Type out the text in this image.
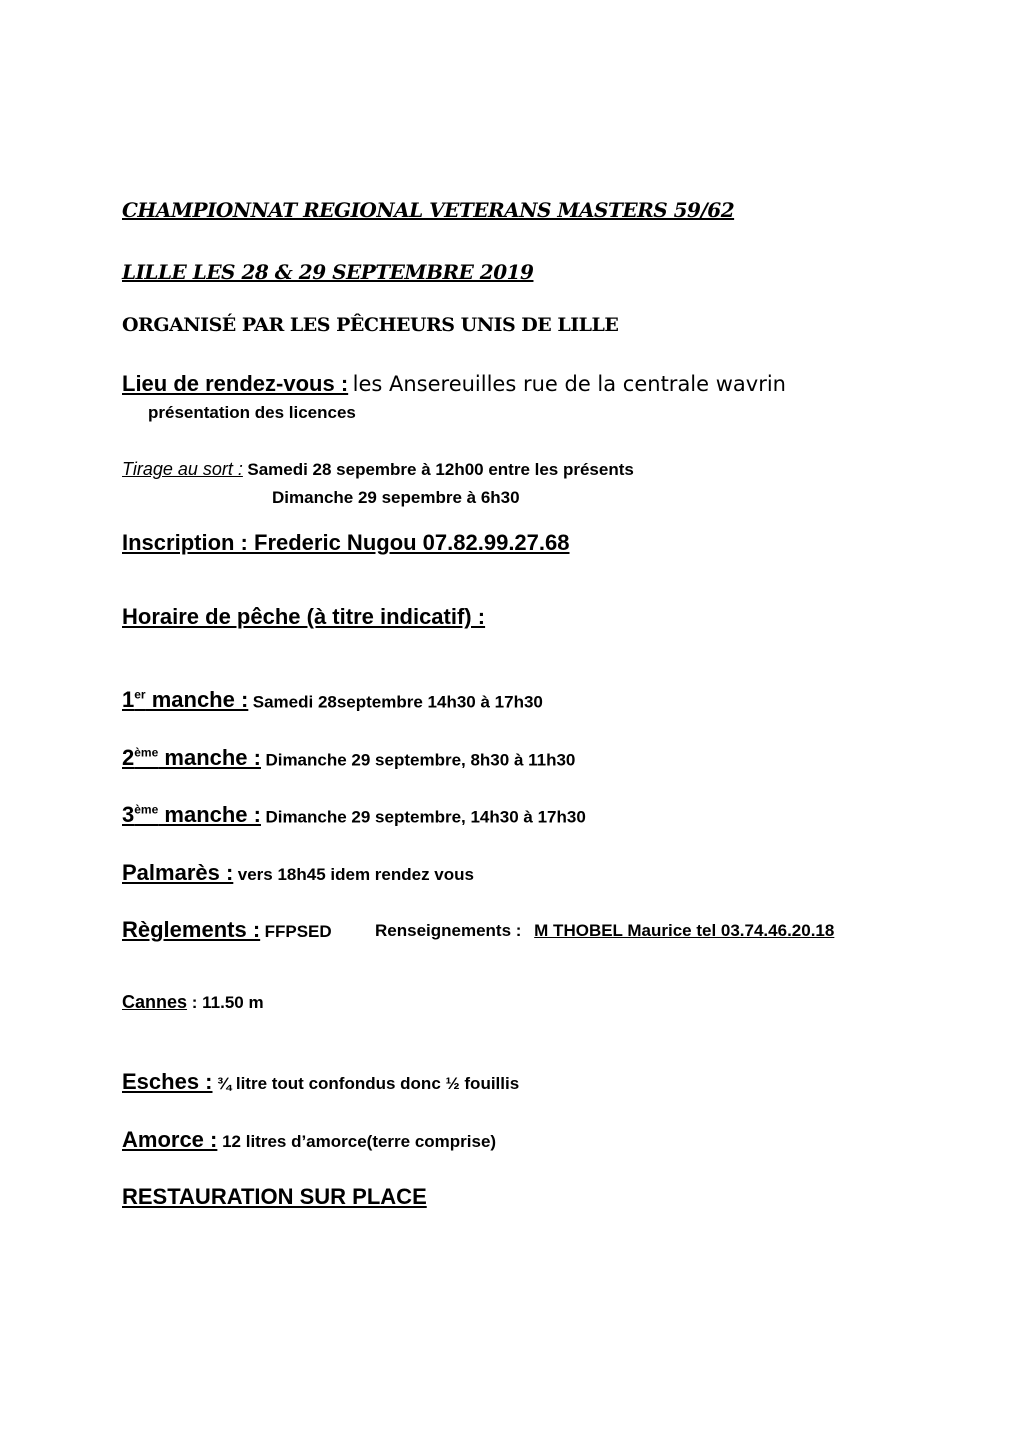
CHAMPIONNAT REGIONAL VETERANS MASTERS 59/62
LILLE LES 28 & 29 SEPTEMBRE 2019
ORGANISÉ PAR LES PÊCHEURS UNIS DE LILLE
Lieu de rendez-vous : les Ansereuilles rue de la centrale wavrin
présentation des licences
Tirage au sort : Samedi 28 sepembre à 12h00 entre les présents
Dimanche 29 sepembre à 6h30
Inscription : Frederic Nugou 07.82.99.27.68
Horaire de pêche (à titre indicatif) :
1er manche : Samedi 28septembre 14h30 à 17h30
2ème manche : Dimanche 29 septembre, 8h30 à 11h30
3ème manche : Dimanche 29 septembre, 14h30 à 17h30
Palmarès : vers 18h45 idem rendez vous
Règlements : FFPSED	Renseignements : M THOBEL Maurice tel 03.74.46.20.18
Cannes : 11.50 m
Esches : ¾ litre tout confondus donc ½ fouillis
Amorce : 12 litres d’amorce(terre comprise)
RESTAURATION SUR PLACE
